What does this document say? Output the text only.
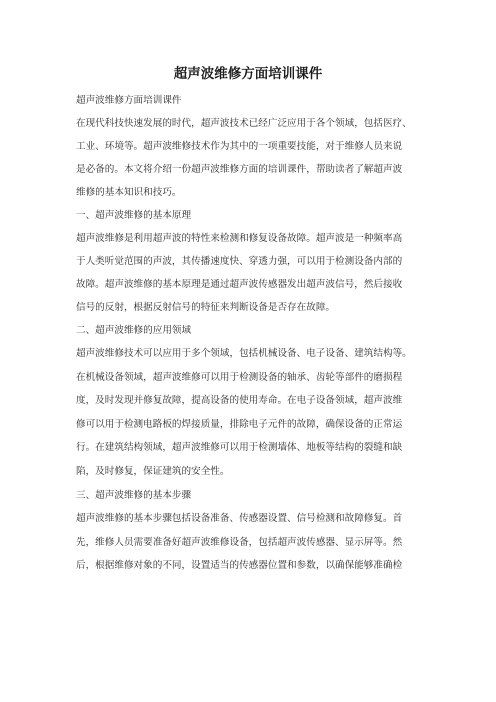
超声波维修方面培训课件
超声波维修方面培训课件
在现代科技快速发展的时代，超声波技术已经广泛应用于各个领域，包括医疗、
工业、环境等。超声波维修技术作为其中的一项重要技能，对于维修人员来说
是必备的。本文将介绍一份超声波维修方面的培训课件，帮助读者了解超声波
维修的基本知识和技巧。
一、超声波维修的基本原理
超声波维修是利用超声波的特性来检测和修复设备故障。超声波是一种频率高
于人类听觉范围的声波，其传播速度快、穿透力强，可以用于检测设备内部的
故障。超声波维修的基本原理是通过超声波传感器发出超声波信号，然后接收
信号的反射，根据反射信号的特征来判断设备是否存在故障。
二、超声波维修的应用领域
超声波维修技术可以应用于多个领域，包括机械设备、电子设备、建筑结构等。
在机械设备领域，超声波维修可以用于检测设备的轴承、齿轮等部件的磨损程
度，及时发现并修复故障，提高设备的使用寿命。在电子设备领域，超声波维
修可以用于检测电路板的焊接质量，排除电子元件的故障，确保设备的正常运
行。在建筑结构领域，超声波维修可以用于检测墙体、地板等结构的裂缝和缺
陷，及时修复，保证建筑的安全性。
三、超声波维修的基本步骤
超声波维修的基本步骤包括设备准备、传感器设置、信号检测和故障修复。首
先，维修人员需要准备好超声波维修设备，包括超声波传感器、显示屏等。然
后，根据维修对象的不同，设置适当的传感器位置和参数，以确保能够准确检
